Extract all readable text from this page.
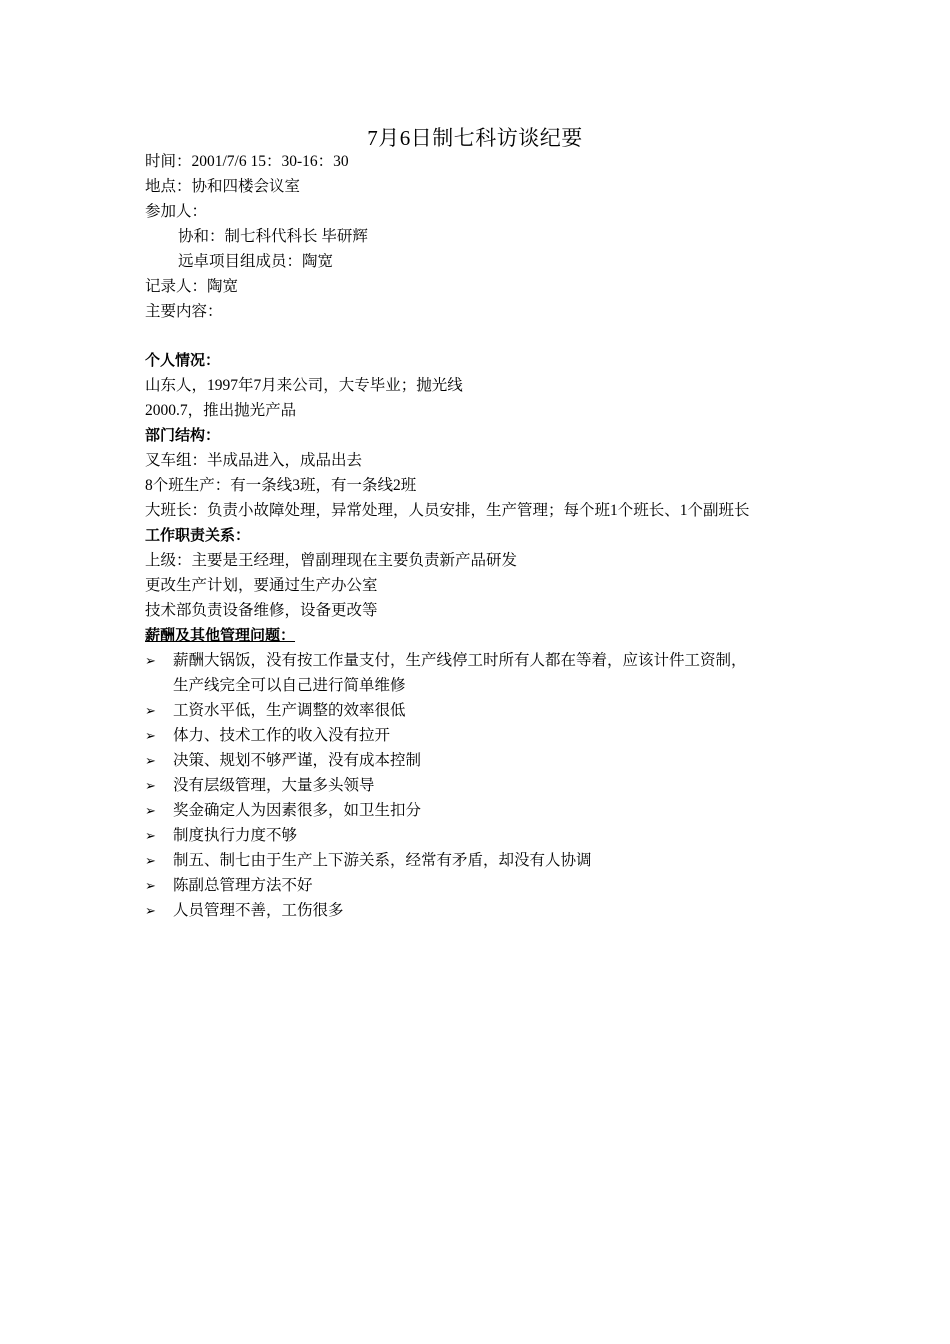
7月6日制七科访谈纪要
时间：2001/7/6 15：30-16：30
地点：协和四楼会议室
参加人：
协和：制七科代科长 毕研辉
远卓项目组成员：陶宽
记录人：陶宽
主要内容：
个人情况：
山东人，1997年7月来公司，大专毕业；抛光线
2000.7，推出抛光产品
部门结构：
叉车组：半成品进入，成品出去
8个班生产：有一条线3班，有一条线2班
大班长：负责小故障处理，异常处理，人员安排，生产管理；每个班1个班长、1个副班长
工作职责关系：
上级：主要是王经理，曾副理现在主要负责新产品研发
更改生产计划，要通过生产办公室
技术部负责设备维修，设备更改等
薪酬及其他管理问题：
➢ 薪酬大锅饭，没有按工作量支付，生产线停工时所有人都在等着，应该计件工资制，
生产线完全可以自己进行简单维修
➢ 工资水平低，生产调整的效率很低
➢ 体力、技术工作的收入没有拉开
➢ 决策、规划不够严谨，没有成本控制
➢ 没有层级管理，大量多头领导
➢ 奖金确定人为因素很多，如卫生扣分
➢ 制度执行力度不够
➢ 制五、制七由于生产上下游关系，经常有矛盾，却没有人协调
➢ 陈副总管理方法不好
➢ 人员管理不善，工伤很多
